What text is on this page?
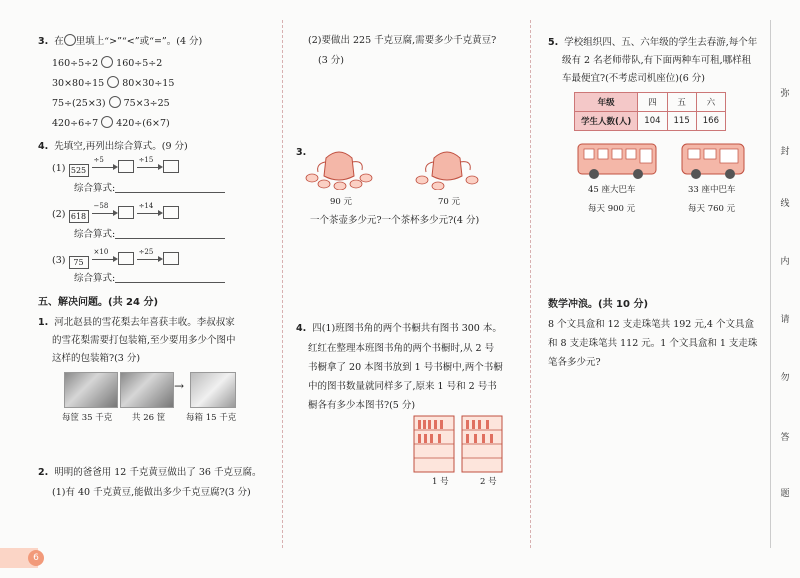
3. 在 里填上“>”“<”或“=”。(4 分)
160÷5÷2 160÷5÷2
30×80÷15 80×30÷15
75÷(25×3) 75×3÷25
420÷6÷7 420÷(6×7)
4. 先填空,再列出综合算式。(9 分)
(1) 525
÷5
	÷15
综合算式:
(2) 618
−58
	÷14
综合算式:
(3) 75
×10
	÷25
综合算式:
五、解决问题。(共 24 分)
1. 河北赵县的雪花梨去年喜获丰收。李叔叔家
的雪花梨需要打包装箱,至少要用多少个图中
这样的包装箱?(3 分)
→
每筐 35 千克 共 26 筐 每箱 15 千克
2. 明明的爸爸用 12 千克黄豆做出了 36 千克豆腐。
(1)有 40 千克黄豆,能做出多少千克豆腐?(3 分)
(2)要做出 225 千克豆腐,需要多少千克黄豆?
(3 分)
3.
90 元	70 元
一个茶壶多少元?一个茶杯多少元?(4 分)
4. 四(1)班图书角的两个书橱共有图书 300 本。
红红在整理本班图书角的两个书橱时,从 2 号
书橱拿了 20 本图书放到 1 号书橱中,两个书橱
中的图书数量就同样多了,原来 1 号和 2 号书
橱各有多少本图书?(5 分)
1 号	2 号
5. 学校组织四、五、六年级的学生去春游,每个年
级有 2 名老师带队,有下面两种车可租,哪样租
车最便宜?(不考虑司机座位)(6 分)
年级	四	五	六
学生人数(人)	104	115	166
45 座大巴车
每天 900 元
33 座中巴车
每天 760 元
数学冲浪。(共 10 分)
8 个文具盒和 12 支走珠笔共 192 元,4 个文具盒
和 8 支走珠笔共 112 元。1 个文具盒和 1 支走珠
笔各多少元?
弥
封
线
内
请
勿
答
题
6
